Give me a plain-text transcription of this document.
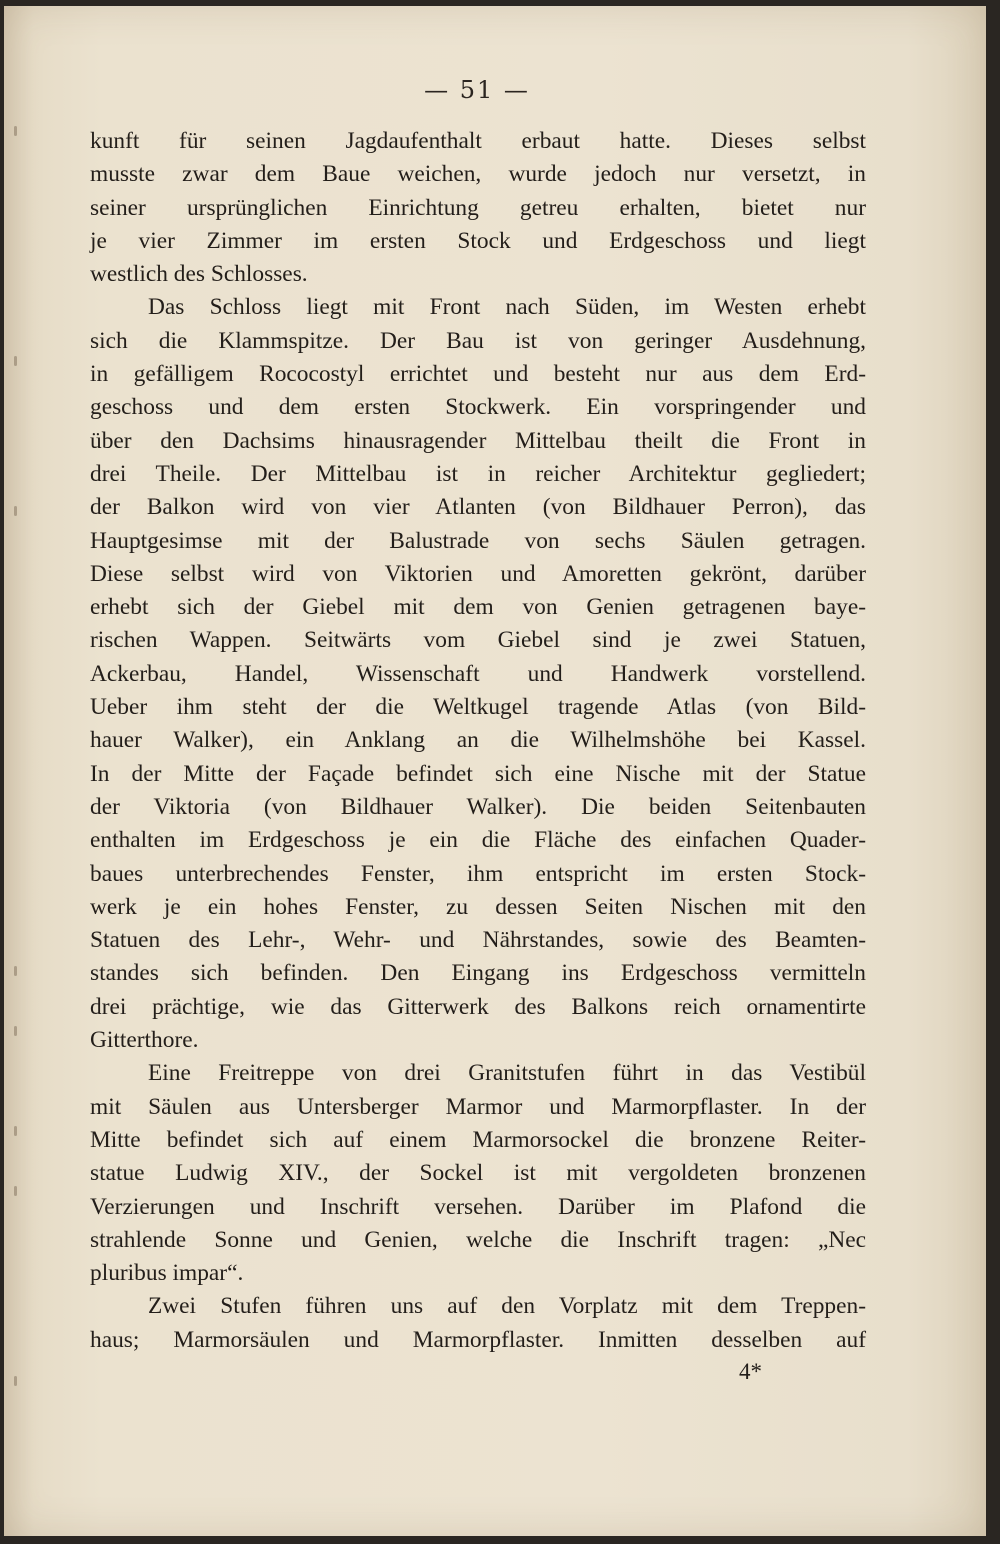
— 51 —
kunft für seinen Jagdaufenthalt erbaut hatte. Dieses selbst
musste zwar dem Baue weichen, wurde jedoch nur versetzt, in
seiner ursprünglichen Einrichtung getreu erhalten, bietet nur
je vier Zimmer im ersten Stock und Erdgeschoss und liegt
westlich des Schlosses.
Das Schloss liegt mit Front nach Süden, im Westen erhebt
sich die Klammspitze. Der Bau ist von geringer Ausdehnung,
in gefälligem Rococostyl errichtet und besteht nur aus dem Erd-
geschoss und dem ersten Stockwerk. Ein vorspringender und
über den Dachsims hinausragender Mittelbau theilt die Front in
drei Theile. Der Mittelbau ist in reicher Architektur gegliedert;
der Balkon wird von vier Atlanten (von Bildhauer Perron), das
Hauptgesimse mit der Balustrade von sechs Säulen getragen.
Diese selbst wird von Viktorien und Amoretten gekrönt, darüber
erhebt sich der Giebel mit dem von Genien getragenen baye-
rischen Wappen. Seitwärts vom Giebel sind je zwei Statuen,
Ackerbau, Handel, Wissenschaft und Handwerk vorstellend.
Ueber ihm steht der die Weltkugel tragende Atlas (von Bild-
hauer Walker), ein Anklang an die Wilhelmshöhe bei Kassel.
In der Mitte der Façade befindet sich eine Nische mit der Statue
der Viktoria (von Bildhauer Walker). Die beiden Seitenbauten
enthalten im Erdgeschoss je ein die Fläche des einfachen Quader-
baues unterbrechendes Fenster, ihm entspricht im ersten Stock-
werk je ein hohes Fenster, zu dessen Seiten Nischen mit den
Statuen des Lehr-, Wehr- und Nährstandes, sowie des Beamten-
standes sich befinden. Den Eingang ins Erdgeschoss vermitteln
drei prächtige, wie das Gitterwerk des Balkons reich ornamentirte
Gitterthore.
Eine Freitreppe von drei Granitstufen führt in das Vestibül
mit Säulen aus Untersberger Marmor und Marmorpflaster. In der
Mitte befindet sich auf einem Marmorsockel die bronzene Reiter-
statue Ludwig XIV., der Sockel ist mit vergoldeten bronzenen
Verzierungen und Inschrift versehen. Darüber im Plafond die
strahlende Sonne und Genien, welche die Inschrift tragen: „Nec
pluribus impar“.
Zwei Stufen führen uns auf den Vorplatz mit dem Treppen-
haus; Marmorsäulen und Marmorpflaster. Inmitten desselben auf
4*
